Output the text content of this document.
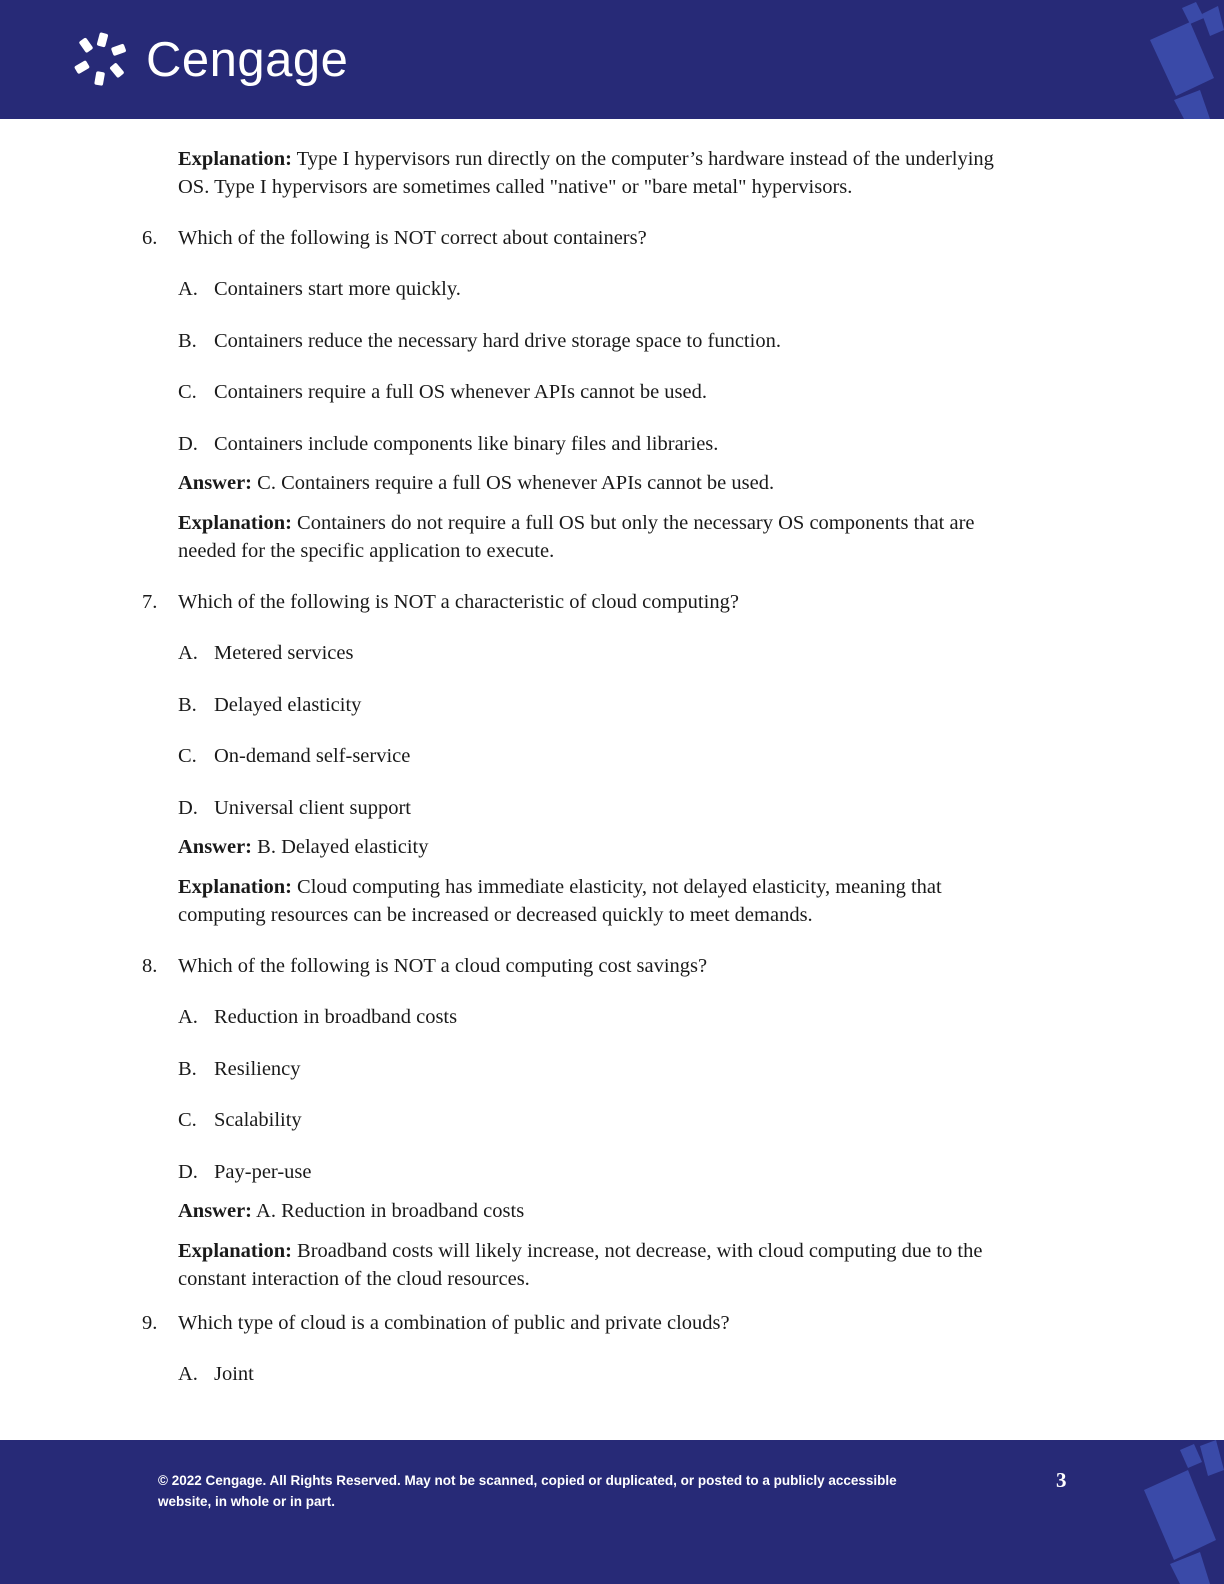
Cengage
Explanation: Type I hypervisors run directly on the computer’s hardware instead of the underlying
OS. Type I hypervisors are sometimes called "native" or "bare metal" hypervisors.
6. Which of the following is NOT correct about containers?
A. Containers start more quickly.
B. Containers reduce the necessary hard drive storage space to function.
C. Containers require a full OS whenever APIs cannot be used.
D. Containers include components like binary files and libraries.
Answer: C. Containers require a full OS whenever APIs cannot be used.
Explanation: Containers do not require a full OS but only the necessary OS components that are
needed for the specific application to execute.
7. Which of the following is NOT a characteristic of cloud computing?
A. Metered services
B. Delayed elasticity
C. On-demand self-service
D. Universal client support
Answer: B. Delayed elasticity
Explanation: Cloud computing has immediate elasticity, not delayed elasticity, meaning that
computing resources can be increased or decreased quickly to meet demands.
8. Which of the following is NOT a cloud computing cost savings?
A. Reduction in broadband costs
B. Resiliency
C. Scalability
D. Pay-per-use
Answer: A. Reduction in broadband costs
Explanation: Broadband costs will likely increase, not decrease, with cloud computing due to the
constant interaction of the cloud resources.
9. Which type of cloud is a combination of public and private clouds?
A. Joint
© 2022 Cengage. All Rights Reserved. May not be scanned, copied or duplicated, or posted to a publicly accessible
website, in whole or in part.
3
